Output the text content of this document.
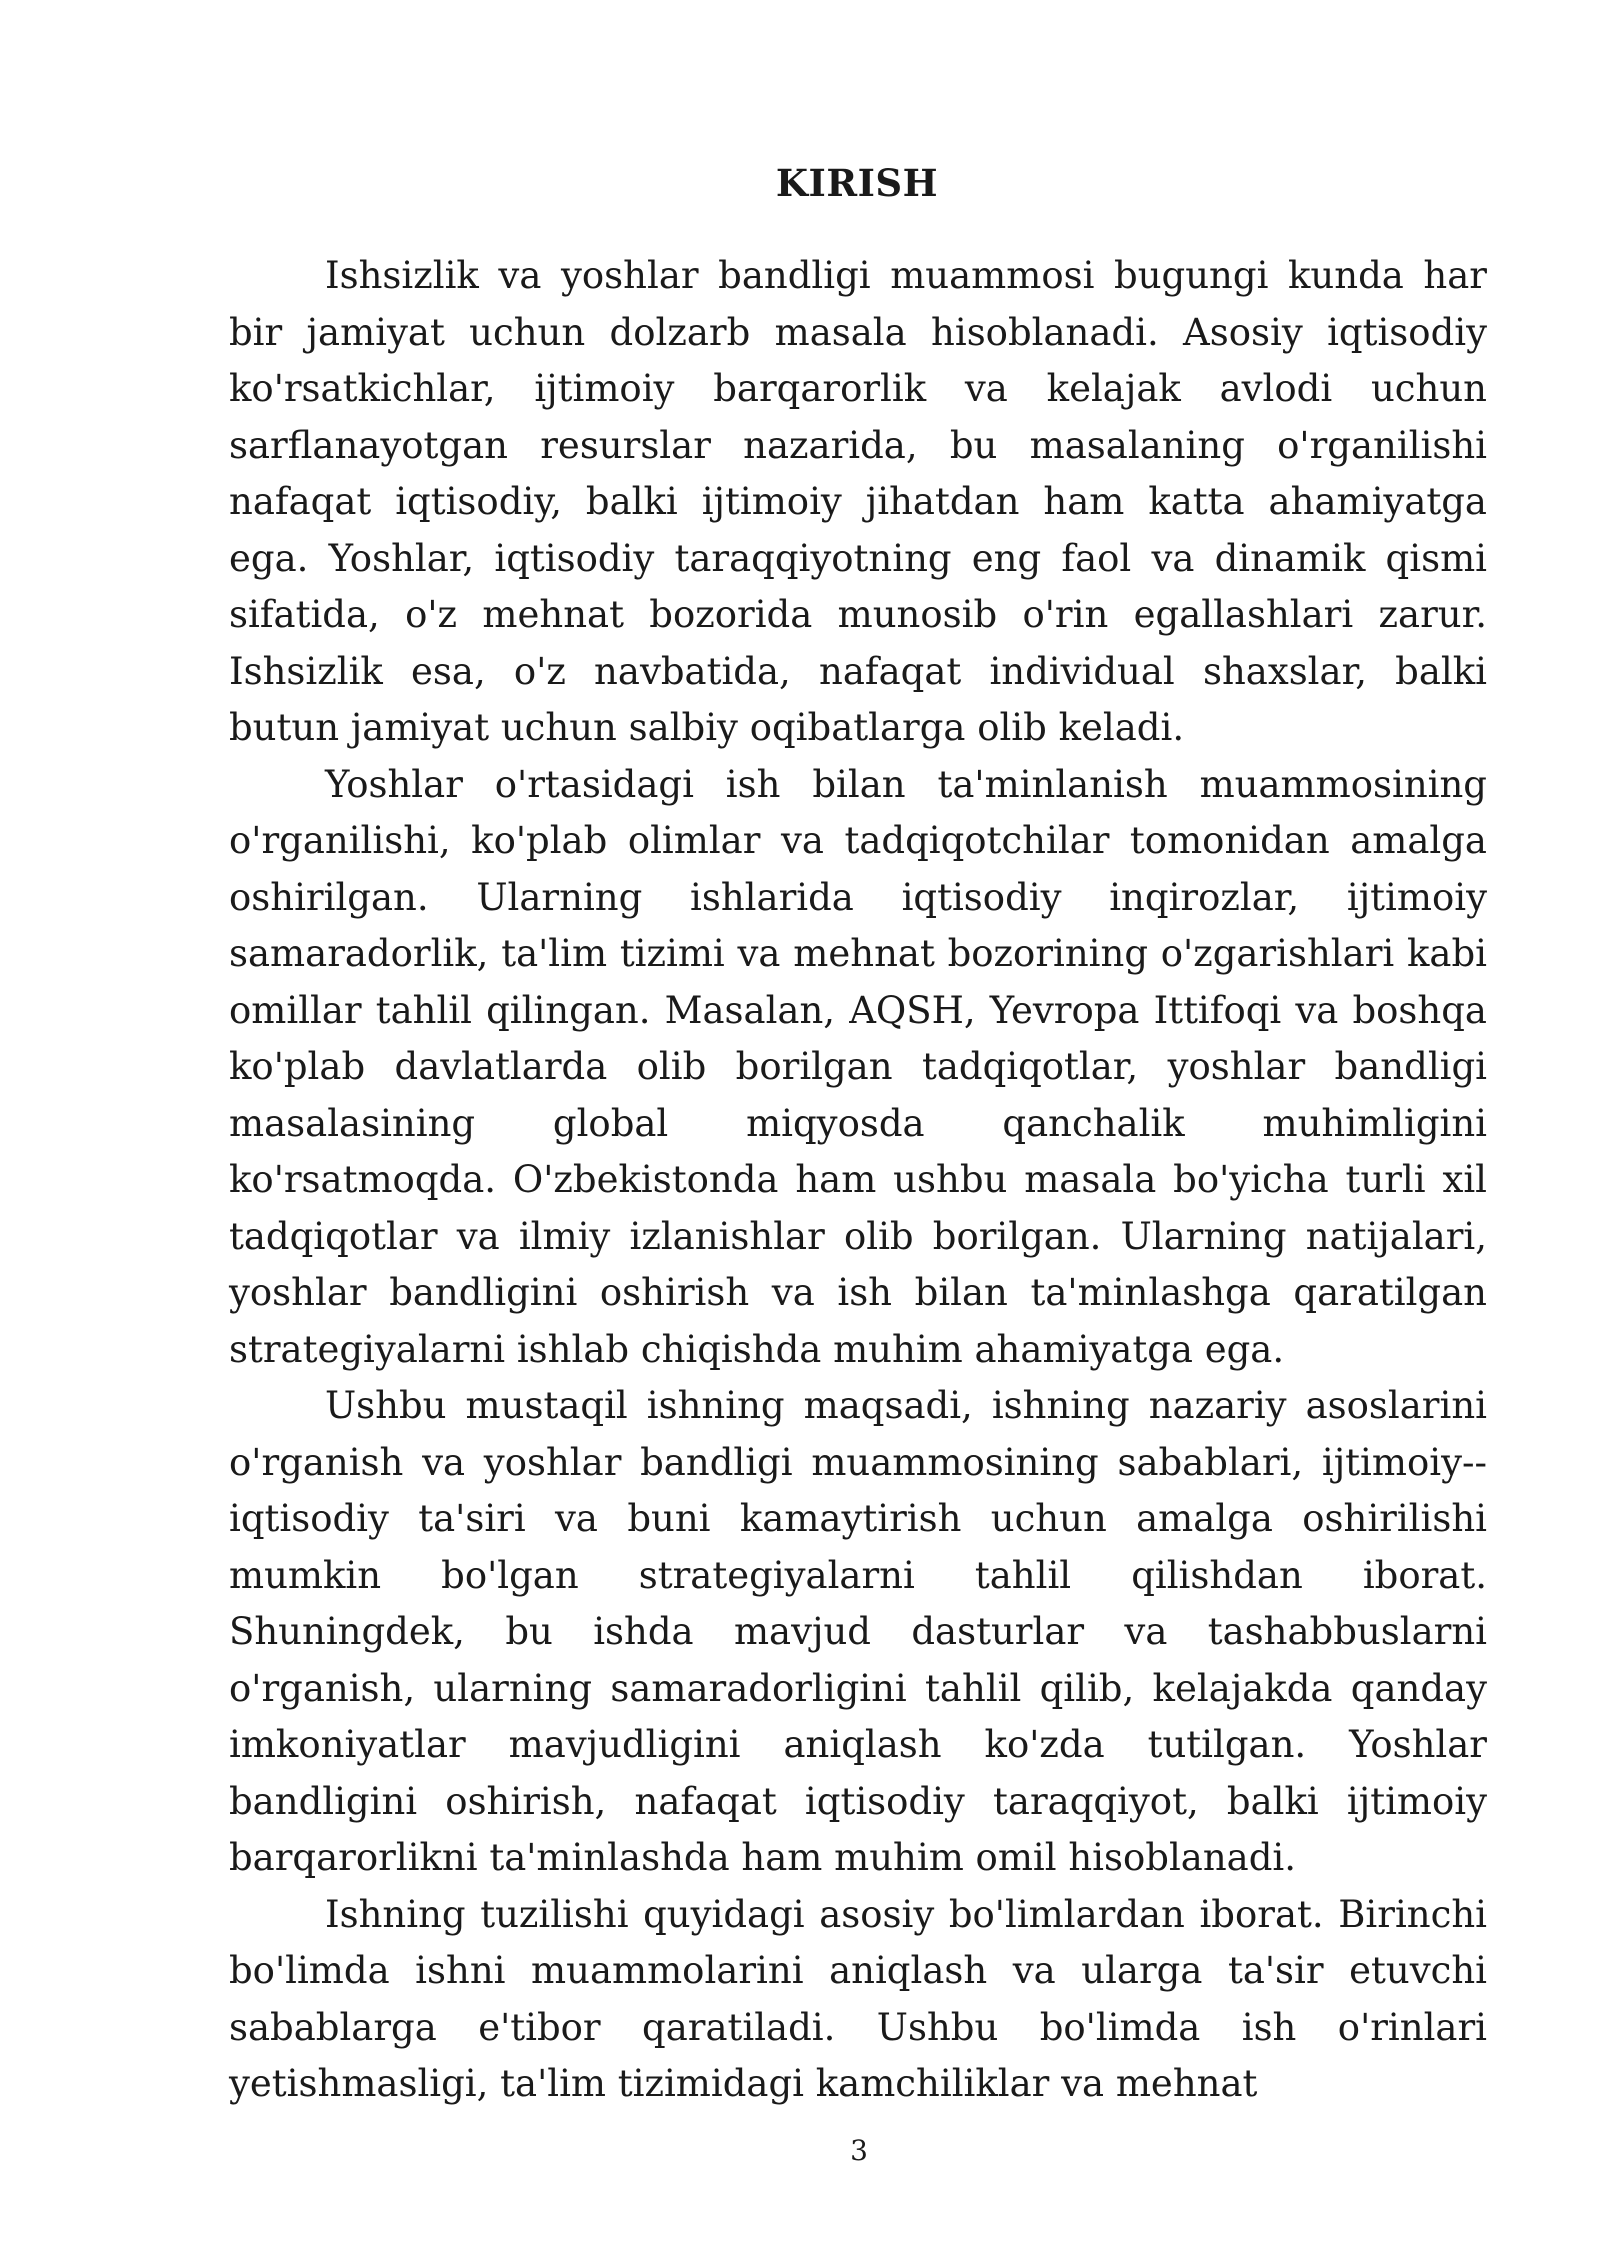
KIRISH

Ishsizlik va yoshlar bandligi muammosi bugungi kunda har bir jamiyat uchun dolzarb masala hisoblanadi. Asosiy iqtisodiy ko'rsatkichlar, ijtimoiy barqarorlik va kelajak avlodi uchun sarflanayotgan resurslar nazarida, bu masalaning o'rganilishi nafaqat iqtisodiy, balki ijtimoiy jihatdan ham katta ahamiyatga ega. Yoshlar, iqtisodiy taraqqiyotning eng faol va dinamik qismi sifatida, o'z mehnat bozorida munosib o'rin egallashlari zarur. Ishsizlik esa, o'z navbatida, nafaqat individual shaxslar, balki butun jamiyat uchun salbiy oqibatlarga olib keladi.

Yoshlar o'rtasidagi ish bilan ta'minlanish muammosining o'rganilishi, ko'plab olimlar va tadqiqotchilar tomonidan amalga oshirilgan. Ularning ishlarida iqtisodiy inqirozlar, ijtimoiy samaradorlik, ta'lim tizimi va mehnat bozorining o'zgarishlari kabi omillar tahlil qilingan. Masalan, AQSH, Yevropa Ittifoqi va boshqa ko'plab davlatlarda olib borilgan tadqiqotlar, yoshlar bandligi masalasining global miqyosda qanchalik muhimligini ko'rsatmoqda. O'zbekistonda ham ushbu masala bo'yicha turli xil tadqiqotlar va ilmiy izlanishlar olib borilgan. Ularning natijalari, yoshlar bandligini oshirish va ish bilan ta'minlashga qaratilgan strategiyalarni ishlab chiqishda muhim ahamiyatga ega.

Ushbu mustaqil ishning maqsadi, ishning nazariy asoslarini o'rganish va yoshlar bandligi muammosining sabablari, ijtimoiy-iqtisodiy ta'siri va buni kamaytirish uchun amalga oshirilishi mumkin bo'lgan strategiyalarni tahlil qilishdan iborat. Shuningdek, bu ishda mavjud dasturlar va tashabbuslarni o'rganish, ularning samaradorligini tahlil qilib, kelajakda qanday imkoniyatlar mavjudligini aniqlash ko'zda tutilgan. Yoshlar bandligini oshirish, nafaqat iqtisodiy taraqqiyot, balki ijtimoiy barqarorlikni ta'minlashda ham muhim omil hisoblanadi.

Ishning tuzilishi quyidagi asosiy bo'limlardan iborat. Birinchi bo'limda ishni muammolarini aniqlash va ularga ta'sir etuvchi sabablarga e'tibor qaratiladi. Ushbu bo'limda ish o'rinlari yetishmasligi, ta'lim tizimidagi kamchiliklar va mehnat

3
